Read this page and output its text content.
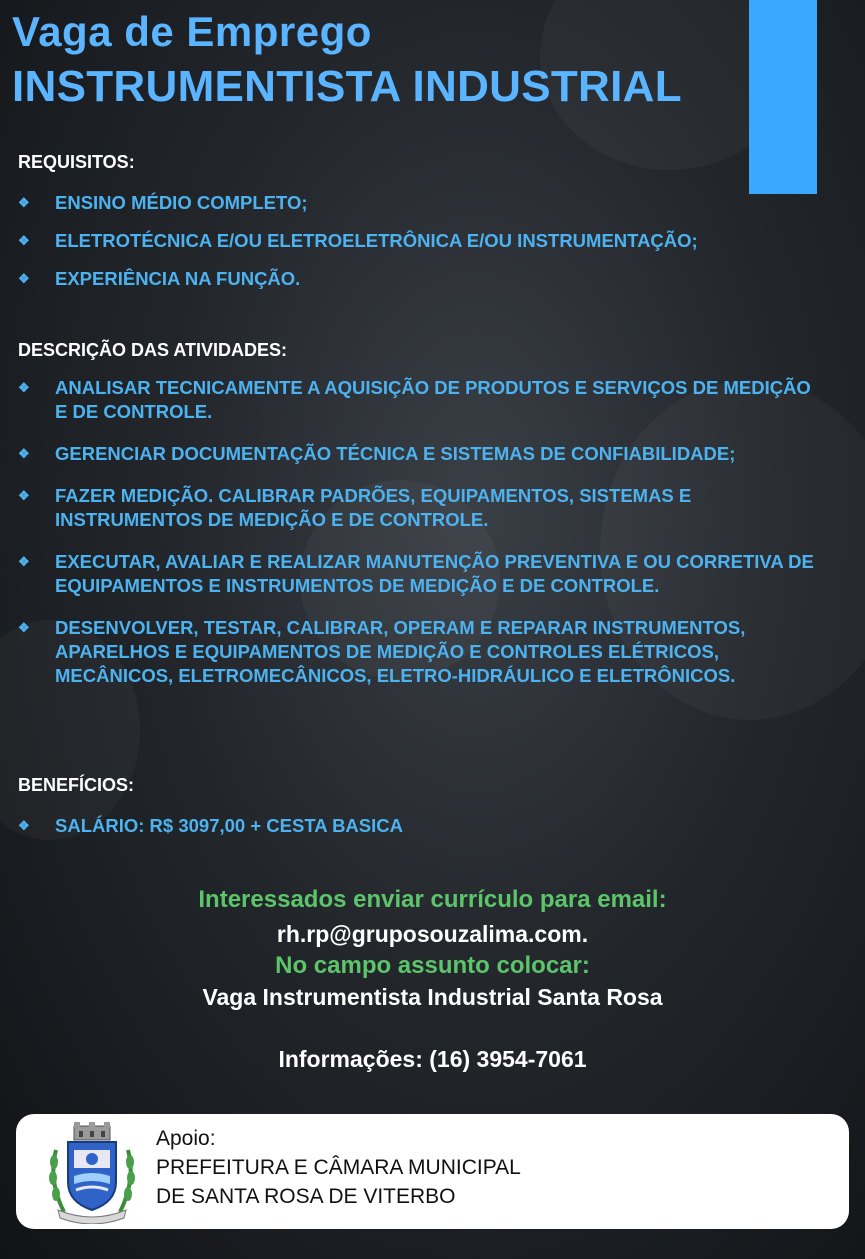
Vaga de Emprego
INSTRUMENTISTA INDUSTRIAL
REQUISITOS:
❖ ENSINO MÉDIO COMPLETO;
❖ ELETROTÉCNICA E/OU ELETROELETRÔNICA E/OU INSTRUMENTAÇÃO;
❖ EXPERIÊNCIA NA FUNÇÃO.
DESCRIÇÃO DAS ATIVIDADES:
❖ ANALISAR TECNICAMENTE A AQUISIÇÃO DE PRODUTOS E SERVIÇOS DE MEDIÇÃO E DE CONTROLE.
❖ GERENCIAR DOCUMENTAÇÃO TÉCNICA E SISTEMAS DE CONFIABILIDADE;
❖ FAZER MEDIÇÃO. CALIBRAR PADRÕES, EQUIPAMENTOS, SISTEMAS E INSTRUMENTOS DE MEDIÇÃO E DE CONTROLE.
❖ EXECUTAR, AVALIAR E REALIZAR MANUTENÇÃO PREVENTIVA E OU CORRETIVA DE EQUIPAMENTOS E INSTRUMENTOS DE MEDIÇÃO E DE CONTROLE.
❖ DESENVOLVER, TESTAR, CALIBRAR, OPERAM E REPARAR INSTRUMENTOS, APARELHOS E EQUIPAMENTOS DE MEDIÇÃO E CONTROLES ELÉTRICOS, MECÂNICOS, ELETROMECÂNICOS, ELETRO-HIDRÁULICO E ELETRÔNICOS.
BENEFÍCIOS:
❖ SALÁRIO: R$ 3097,00 + CESTA BASICA
Interessados enviar currículo para email:
rh.rp@gruposouzalima.com.
No campo assunto colocar:
Vaga Instrumentista Industrial Santa Rosa
Informações: (16) 3954-7061
Apoio:
PREFEITURA E CÂMARA MUNICIPAL
DE SANTA ROSA DE VITERBO
